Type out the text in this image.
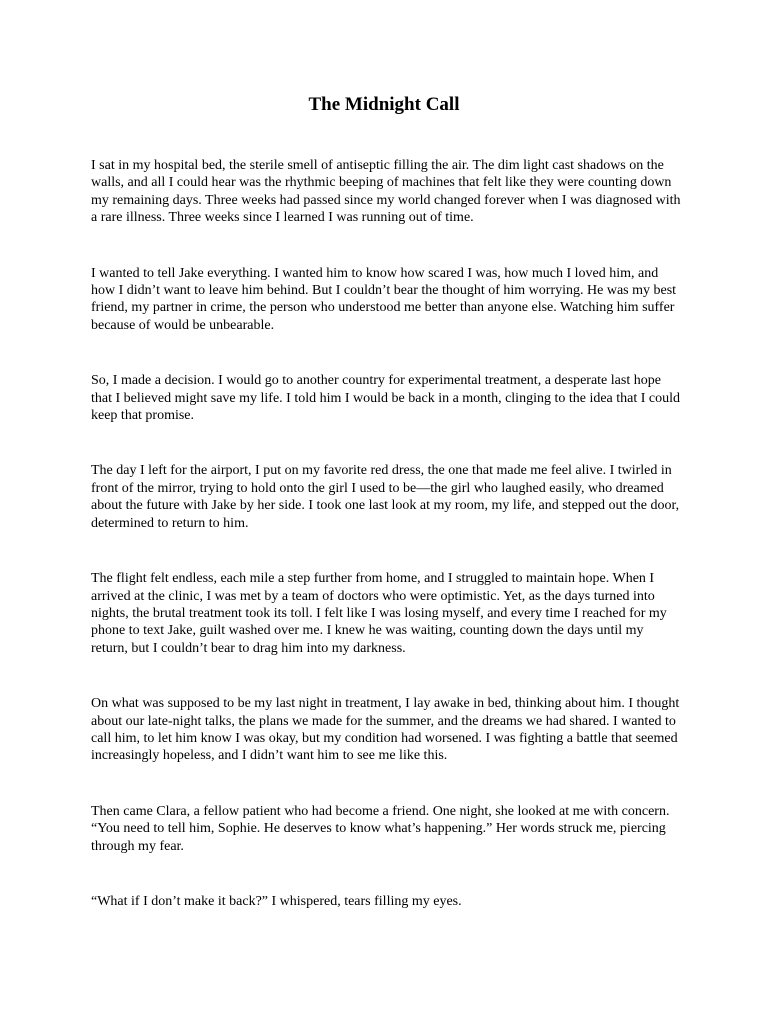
The Midnight Call

I sat in my hospital bed, the sterile smell of antiseptic filling the air. The dim light cast shadows on the walls, and all I could hear was the rhythmic beeping of machines that felt like they were counting down my remaining days. Three weeks had passed since my world changed forever when I was diagnosed with a rare illness. Three weeks since I learned I was running out of time.

I wanted to tell Jake everything. I wanted him to know how scared I was, how much I loved him, and how I didn’t want to leave him behind. But I couldn’t bear the thought of him worrying. He was my best friend, my partner in crime, the person who understood me better than anyone else. Watching him suffer because of would be unbearable.

So, I made a decision. I would go to another country for experimental treatment, a desperate last hope that I believed might save my life. I told him I would be back in a month, clinging to the idea that I could keep that promise.

The day I left for the airport, I put on my favorite red dress, the one that made me feel alive. I twirled in front of the mirror, trying to hold onto the girl I used to be—the girl who laughed easily, who dreamed about the future with Jake by her side. I took one last look at my room, my life, and stepped out the door, determined to return to him.

The flight felt endless, each mile a step further from home, and I struggled to maintain hope. When I arrived at the clinic, I was met by a team of doctors who were optimistic. Yet, as the days turned into nights, the brutal treatment took its toll. I felt like I was losing myself, and every time I reached for my phone to text Jake, guilt washed over me. I knew he was waiting, counting down the days until my return, but I couldn’t bear to drag him into my darkness.

On what was supposed to be my last night in treatment, I lay awake in bed, thinking about him. I thought about our late-night talks, the plans we made for the summer, and the dreams we had shared. I wanted to call him, to let him know I was okay, but my condition had worsened. I was fighting a battle that seemed increasingly hopeless, and I didn’t want him to see me like this.

Then came Clara, a fellow patient who had become a friend. One night, she looked at me with concern. “You need to tell him, Sophie. He deserves to know what’s happening.” Her words struck me, piercing through my fear.

“What if I don’t make it back?” I whispered, tears filling my eyes.
